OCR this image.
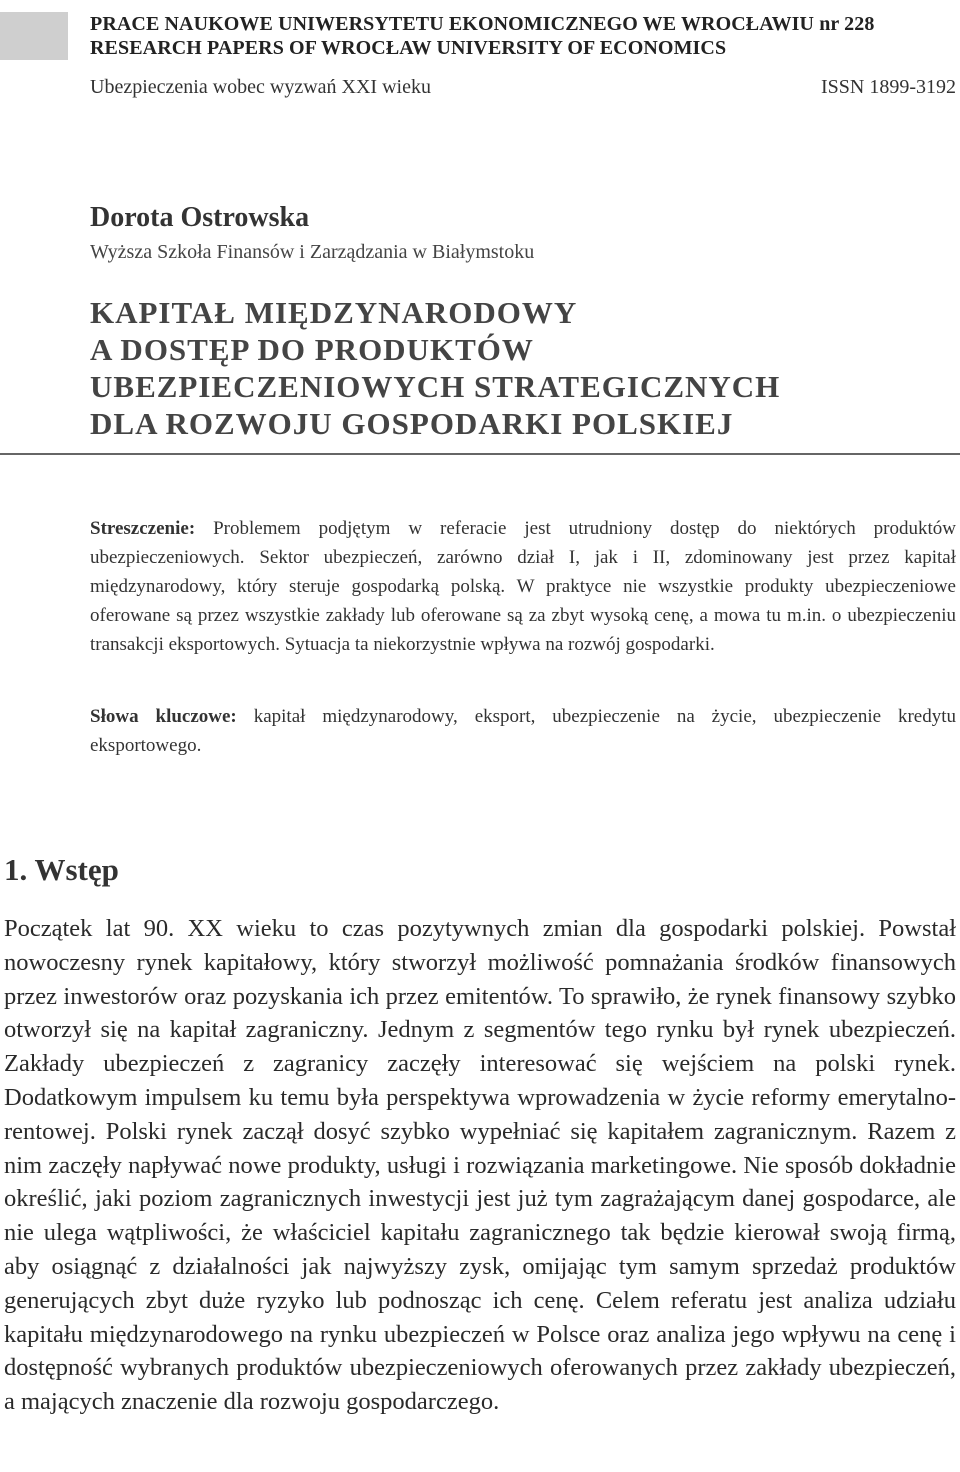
PRACE NAUKOWE UNIWERSYTETU EKONOMICZNEGO WE WROCŁAWIU nr 228
RESEARCH PAPERS OF WROCŁAW UNIVERSITY OF ECONOMICS
Ubezpieczenia wobec wyzwań XXI wieku	ISSN 1899-3192
Dorota Ostrowska
Wyższa Szkoła Finansów i Zarządzania w Białymstoku
KAPITAŁ MIĘDZYNARODOWY
A DOSTĘP DO PRODUKTÓW
UBEZPIECZENIOWYCH STRATEGICZNYCH
DLA ROZWOJU GOSPODARKI POLSKIEJ
Streszczenie: Problemem podjętym w referacie jest utrudniony dostęp do niektórych produktów ubezpieczeniowych. Sektor ubezpieczeń, zarówno dział I, jak i II, zdominowany jest przez kapitał międzynarodowy, który steruje gospodarką polską. W praktyce nie wszystkie produkty ubezpieczeniowe oferowane są przez wszystkie zakłady lub oferowane są za zbyt wysoką cenę, a mowa tu m.in. o ubezpieczeniu transakcji eksportowych. Sytuacja ta niekorzystnie wpływa na rozwój gospodarki.
Słowa kluczowe: kapitał międzynarodowy, eksport, ubezpieczenie na życie, ubezpieczenie kredytu eksportowego.
1. Wstęp
Początek lat 90. XX wieku to czas pozytywnych zmian dla gospodarki polskiej. Powstał nowoczesny rynek kapitałowy, który stworzył możliwość pomnażania środków finansowych przez inwestorów oraz pozyskania ich przez emitentów. To sprawiło, że rynek finansowy szybko otworzył się na kapitał zagraniczny. Jednym z segmentów tego rynku był rynek ubezpieczeń. Zakłady ubezpieczeń z zagranicy zaczęły interesować się wejściem na polski rynek. Dodatkowym impulsem ku temu była perspektywa wprowadzenia w życie reformy emerytalno-rentowej. Polski rynek zaczął dosyć szybko wypełniać się kapitałem zagranicznym. Razem z nim zaczęły napływać nowe produkty, usługi i rozwiązania marketingowe. Nie sposób dokładnie określić, jaki poziom zagranicznych inwestycji jest już tym zagrażającym danej gospodarce, ale nie ulega wątpliwości, że właściciel kapitału zagranicznego tak będzie kierował swoją firmą, aby osiągnąć z działalności jak najwyższy zysk, omijając tym samym sprzedaż produktów generujących zbyt duże ryzyko lub podnosząc ich cenę. Celem referatu jest analiza udziału kapitału międzynarodowego na rynku ubezpieczeń w Polsce oraz analiza jego wpływu na cenę i dostępność wybranych produktów ubezpieczeniowych oferowanych przez zakłady ubezpieczeń, a mających znaczenie dla rozwoju gospodarczego.
